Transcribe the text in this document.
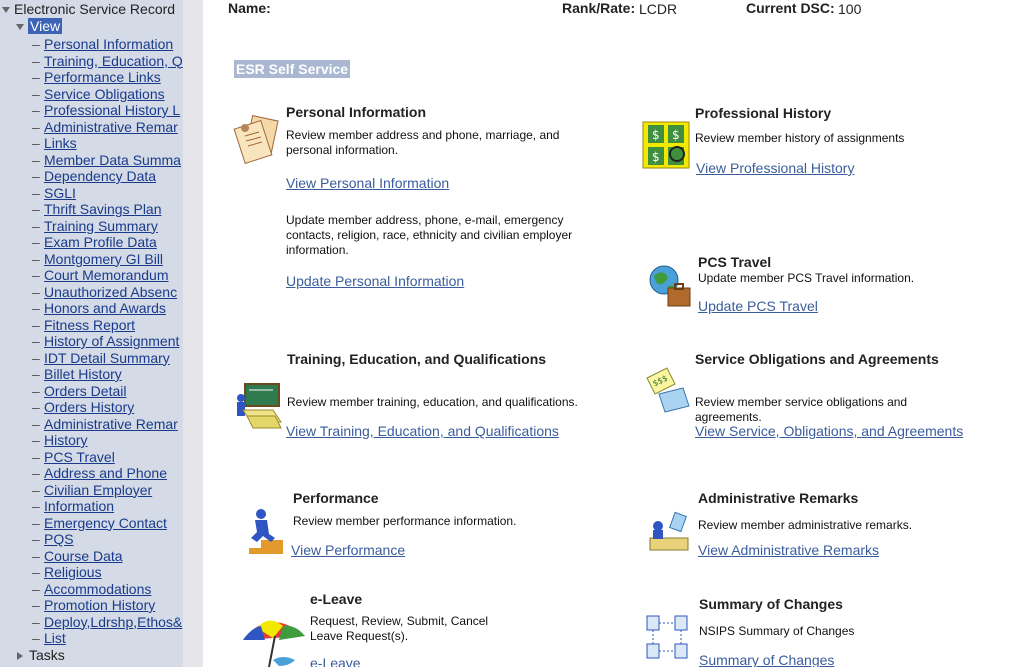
Electronic Service Record
View
– Personal Information
– Training, Education, Q
– Performance Links
– Service Obligations
– Professional History L
– Administrative Remar
– Links
– Member Data Summa
– Dependency Data
– SGLI
– Thrift Savings Plan
– Training Summary
– Exam Profile Data
– Montgomery GI Bill
– Court Memorandum
– Unauthorized Absenc
– Honors and Awards
– Fitness Report
– History of Assignment
– IDT Detail Summary
– Billet History
– Orders Detail
– Orders History
– Administrative Remar
– History
– PCS Travel
– Address and Phone
– Civilian Employer
– Information
– Emergency Contact
– PQS
– Course Data
– Religious
– Accommodations
– Promotion History
– Deploy,Ldrshp,Ethos&
– List
Tasks
Name:	Rank/Rate: LCDR	Current DSC: 100
ESR Self Service
Personal Information
Review member address and phone, marriage, and personal information.
View Personal Information
Update member address, phone, e-mail, emergency contacts, religion, race, ethnicity and civilian employer information.
Update Personal Information
$ $
$
Professional History
Review member history of assignments
View Professional History
PCS Travel
Update member PCS Travel information.
Update PCS Travel
Training, Education, and Qualifications
Review member training, education, and qualifications.
View Training, Education, and Qualifications
$$$
Service Obligations and Agreements
Review member service obligations and agreements.
View Service, Obligations, and Agreements
Performance
Review member performance information.
View Performance
Administrative Remarks
Review member administrative remarks.
View Administrative Remarks
e-Leave
Request, Review, Submit, Cancel Leave Request(s).
e-Leave
Summary of Changes
NSIPS Summary of Changes
Summary of Changes
